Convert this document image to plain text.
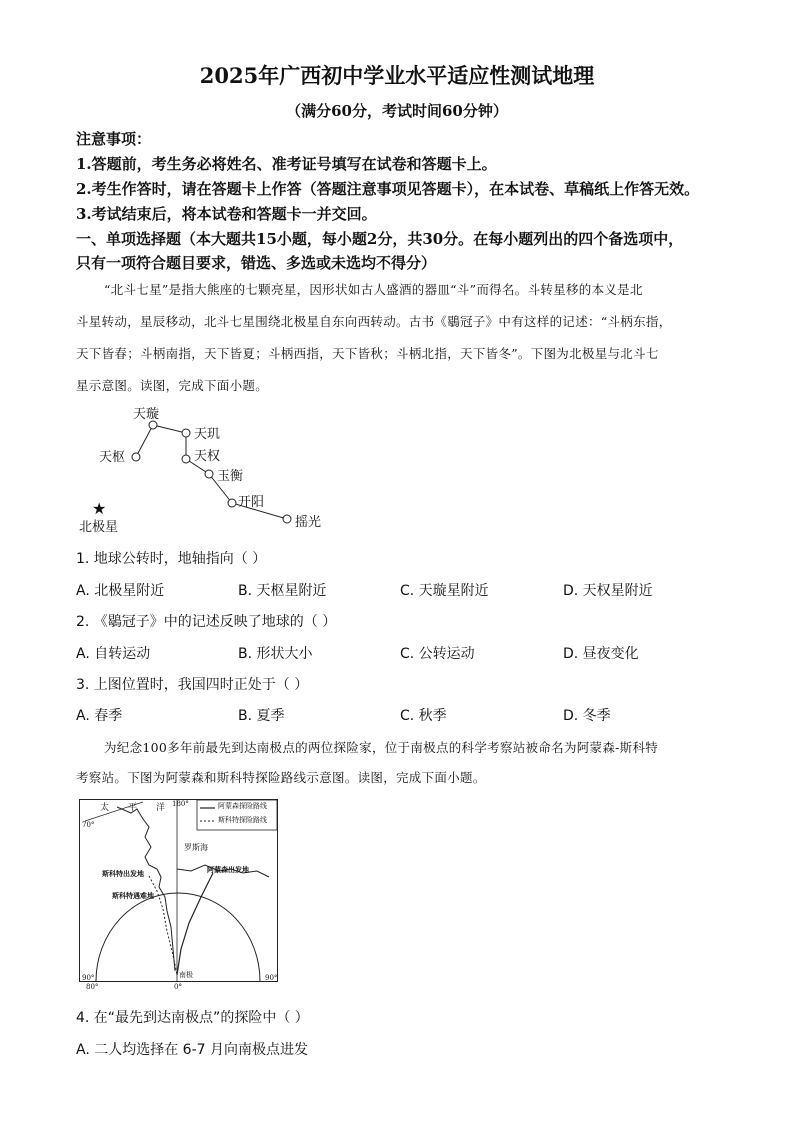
2025年广西初中学业水平适应性测试地理
（满分60分，考试时间60分钟）
注意事项：
1.答题前，考生务必将姓名、准考证号填写在试卷和答题卡上。
2.考生作答时，请在答题卡上作答（答题注意事项见答题卡），在本试卷、草稿纸上作答无效。
3.考试结束后，将本试卷和答题卡一并交回。
一、单项选择题（本大题共15小题，每小题2分，共30分。在每小题列出的四个备选项中，
只有一项符合题目要求，错选、多选或未选均不得分）
“北斗七星”是指大熊座的七颗亮星，因形状如古人盛酒的器皿“斗”而得名。斗转星移的本义是北
斗星转动，星辰移动，北斗七星围绕北极星自东向西转动。古书《鶡冠子》中有这样的记述：“斗柄东指，
天下皆春；斗柄南指，天下皆夏；斗柄西指，天下皆秋；斗柄北指，天下皆冬”。下图为北极星与北斗七
星示意图。读图，完成下面小题。
天璇
天玑
天枢	天权
玉衡
开阳
摇光
★
北极星
1. 地球公转时，地轴指向（ ）
A. 北极星附近	B. 天枢星附近	C. 天璇星附近	D. 天权星附近
2. 《鶡冠子》中的记述反映了地球的（ ）
A. 自转运动	B. 形状大小	C. 公转运动	D. 昼夜变化
3. 上图位置时，我国四时正处于（ ）
A. 春季	B. 夏季	C. 秋季	D. 冬季
为纪念100多年前最先到达南极点的两位探险家，位于南极点的科学考察站被命名为阿蒙森-斯科特
考察站。下图为阿蒙森和斯科特探险路线示意图。读图，完成下面小题。
阿蒙森探险路线
斯科特探险路线
太 平 洋 180°
70°
罗斯海
阿蒙森出发地
斯科特出发地
斯科特遇难地
南极
90°	90°
80°	0°
4. 在“最先到达南极点”的探险中（ ）
A. 二人均选择在 6-7 月向南极点进发
